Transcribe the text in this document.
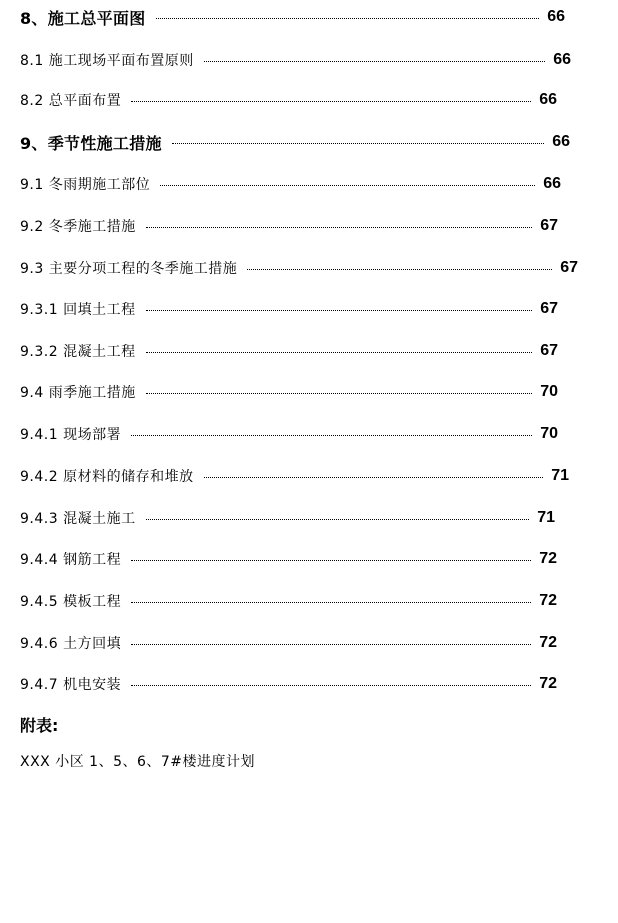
8、施工总平面图	66
8.1 施工现场平面布置原则	66
8.2 总平面布置	66
9、季节性施工措施	66
9.1 冬雨期施工部位	66
9.2 冬季施工措施	67
9.3 主要分项工程的冬季施工措施	67
9.3.1 回填土工程	67
9.3.2 混凝土工程	67
9.4 雨季施工措施	70
9.4.1 现场部署	70
9.4.2 原材料的储存和堆放	71
9.4.3 混凝土施工	71
9.4.4 钢筋工程	72
9.4.5 模板工程	72
9.4.6 土方回填	72
9.4.7 机电安装	72
附表:
XXX 小区 1、5、6、7#楼进度计划
